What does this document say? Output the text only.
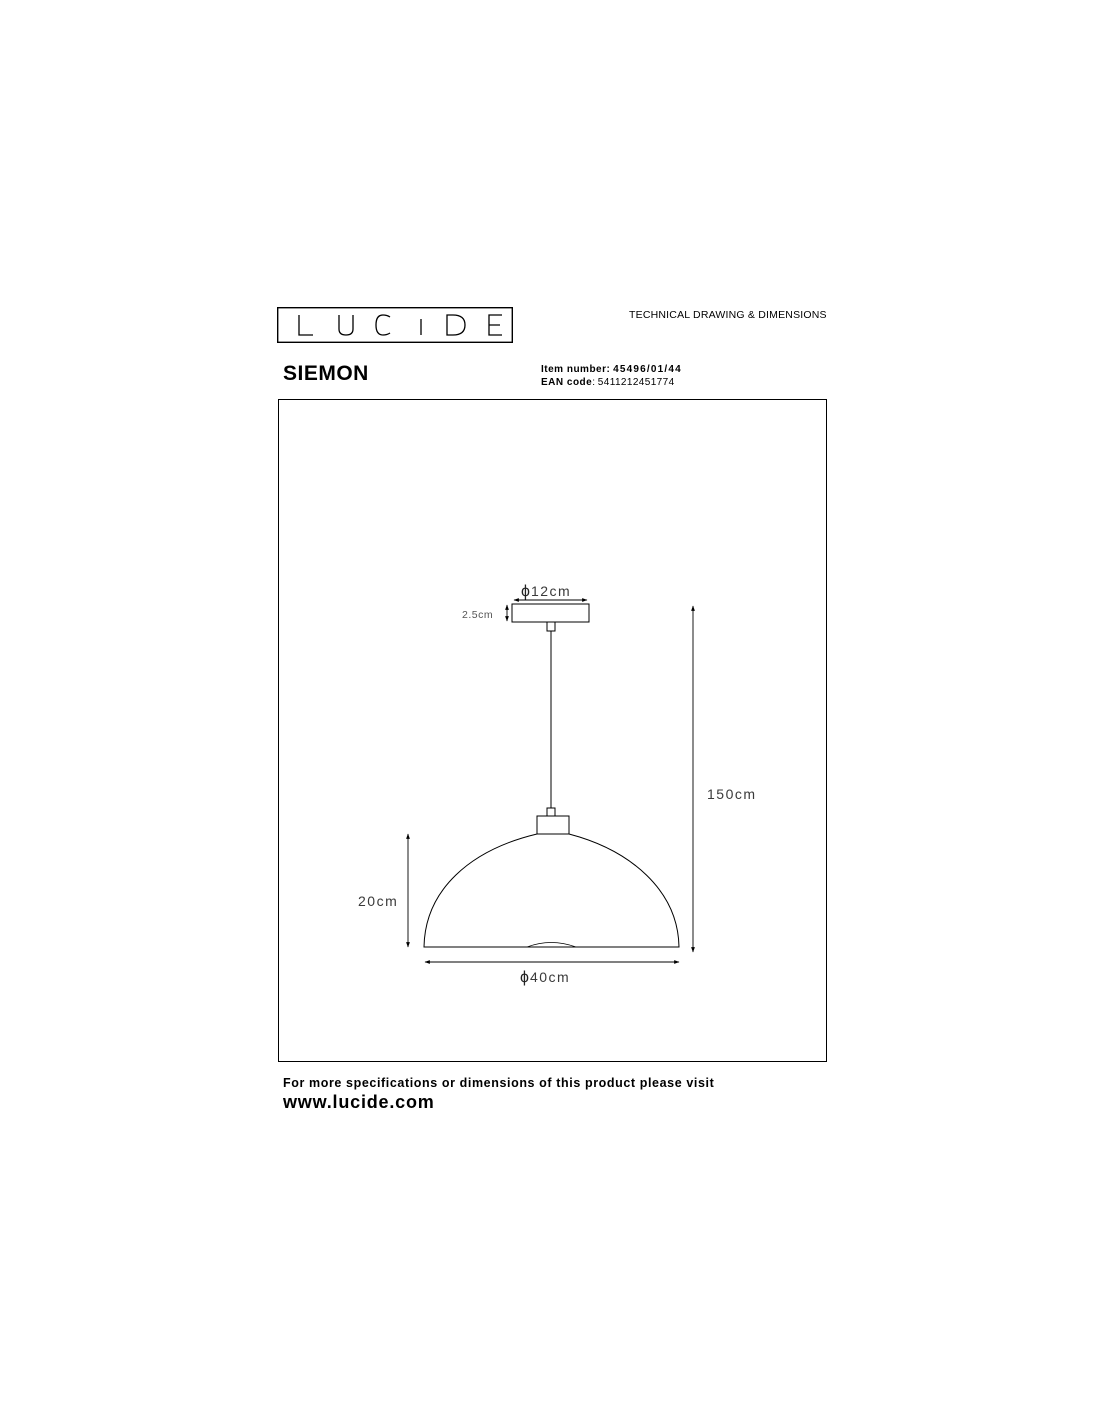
TECHNICAL DRAWING & DIMENSIONS
SIEMON	Item number: 45496/01/44
EAN code: 5411212451774
ϕ12cm
2.5cm
150cm
20cm
ϕ40cm
For more specifications or dimensions of this product please visit
www.lucide.com
